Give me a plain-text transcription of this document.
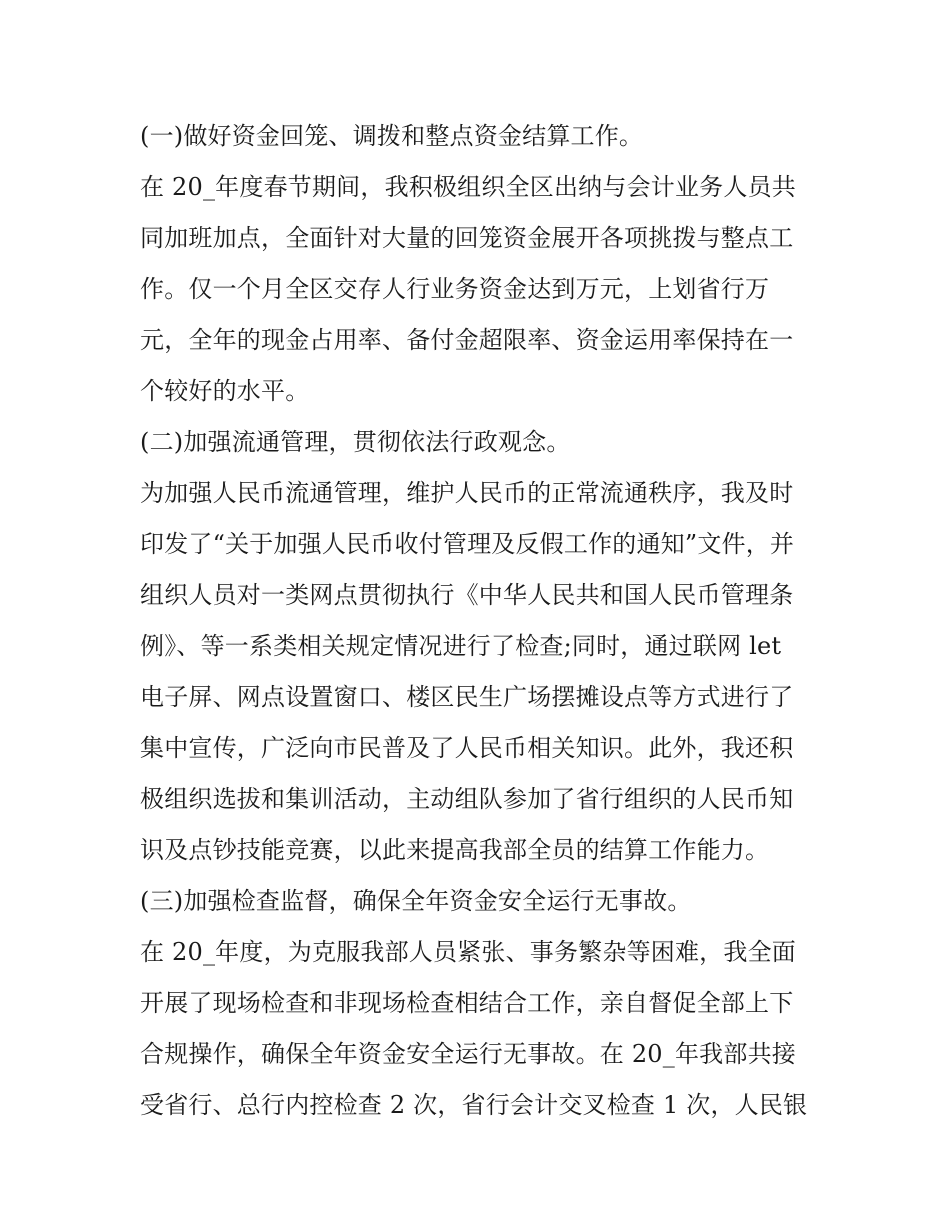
(一)做好资金回笼、调拨和整点资金结算工作。
在 20_年度春节期间，我积极组织全区出纳与会计业务人员共
同加班加点，全面针对大量的回笼资金展开各项挑拨与整点工
作。仅一个月全区交存人行业务资金达到万元，上划省行万
元，全年的现金占用率、备付金超限率、资金运用率保持在一
个较好的水平。
(二)加强流通管理，贯彻依法行政观念。
为加强人民币流通管理，维护人民币的正常流通秩序，我及时
印发了“关于加强人民币收付管理及反假工作的通知”文件，并
组织人员对一类网点贯彻执行《中华人民共和国人民币管理条
例》、等一系类相关规定情况进行了检查;同时，通过联网 let
电子屏、网点设置窗口、楼区民生广场摆摊设点等方式进行了
集中宣传，广泛向市民普及了人民币相关知识。此外，我还积
极组织选拔和集训活动，主动组队参加了省行组织的人民币知
识及点钞技能竞赛，以此来提高我部全员的结算工作能力。
(三)加强检查监督，确保全年资金安全运行无事故。
在 20_年度，为克服我部人员紧张、事务繁杂等困难，我全面
开展了现场检查和非现场检查相结合工作，亲自督促全部上下
合规操作，确保全年资金安全运行无事故。在 20_年我部共接
受省行、总行内控检查 2 次，省行会计交叉检查 1 次，人民银
